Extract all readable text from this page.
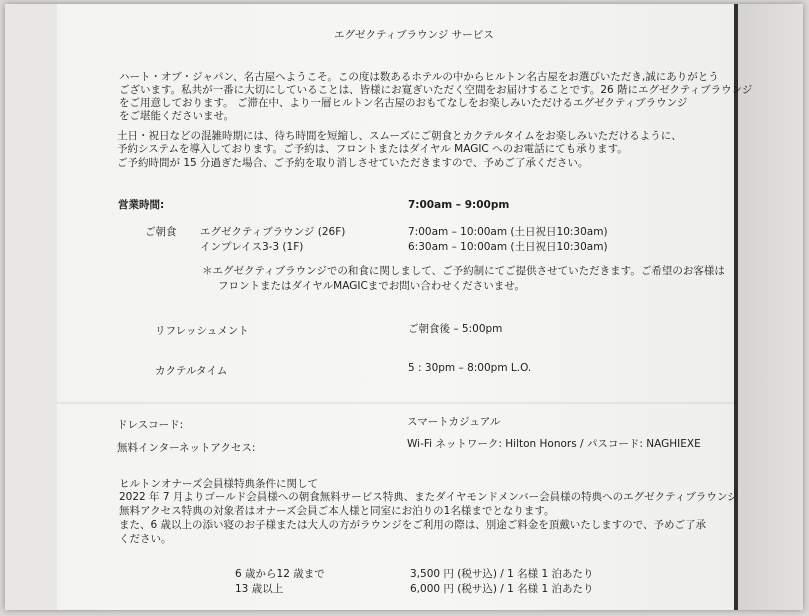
エグゼクティブラウンジ サービス
ハート・オブ・ジャパン、名古屋へようこそ。この度は数あるホテルの中からヒルトン名古屋をお選びいただき,誠にありがとう
ございます。私共が一番に大切にしていることは、皆様にお寛ぎいただく空間をお届けすることです。26 階にエグゼクティブラウンジ
をご用意しております。 ご滞在中、より一層ヒルトン名古屋のおもてなしをお楽しみいただけるエグゼクティブラウンジ
をご堪能くださいませ。
土日・祝日などの混雑時期には、待ち時間を短縮し、スムーズにご朝食とカクテルタイムをお楽しみいただけるように、
予約システムを導入しております。ご予約は、フロントまたはダイヤル MAGIC へのお電話にても承ります。
ご予約時間が 15 分過ぎた場合、ご予約を取り消しさせていただきますので、予めご了承ください。
営業時間:	7:00am – 9:00pm
ご朝食 エグゼクティブラウンジ (26F)	7:00am – 10:00am (土日祝日10:30am)
インプレイス3-3 (1F)	6:30am – 10:00am (土日祝日10:30am)
＊エグゼクティブラウンジでの和食に関しまして、ご予約制にてご提供させていただきます。ご希望のお客様は
フロントまたはダイヤルMAGICまでお問い合わせくださいませ。
リフレッシュメント	ご朝食後 – 5:00pm
カクテルタイム	5 : 30pm – 8:00pm L.O.
ドレスコード:	スマートカジュアル
無料インターネットアクセス:	Wi-Fi ネットワーク: Hilton Honors / パスコード: NAGHIEXE
ヒルトンオナーズ会員様特典条件に関して
2022 年 7 月よりゴールド会員様への朝食無料サービス特典、またダイヤモンドメンバー会員様の特典へのエグゼクティブラウンジ
無料アクセス特典の対象者はオナーズ会員ご本人様と同室にお泊りの1名様までとなります。
また、6 歳以上の添い寝のお子様または大人の方がラウンジをご利用の際は、別途ご料金を頂戴いたしますので、予めご了承
ください。
6 歳から12 歳まで	3,500 円 (税サ込) / 1 名様 1 泊あたり
13 歳以上	6,000 円 (税サ込) / 1 名様 1 泊あたり
